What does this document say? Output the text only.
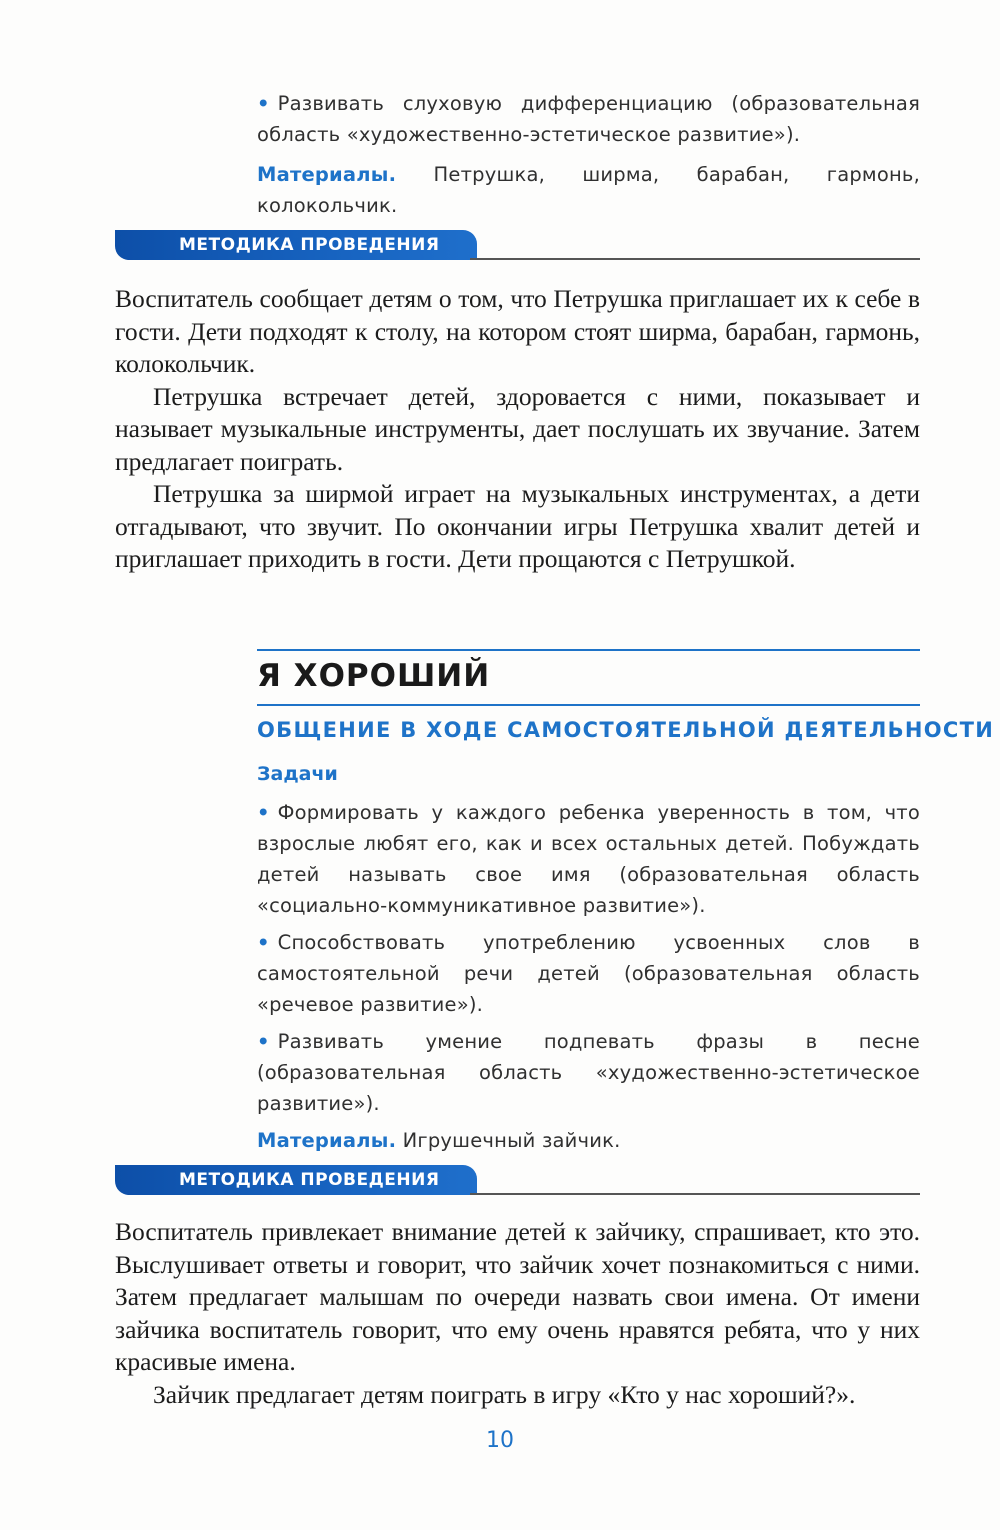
• Развивать слуховую дифференциацию (образовательная область «художественно-эстетическое развитие»).

Материалы. Петрушка, ширма, барабан, гармонь, колокольчик.

МЕТОДИКА ПРОВЕДЕНИЯ

Воспитатель сообщает детям о том, что Петрушка приглашает их к себе в гости. Дети подходят к столу, на котором стоят ширма, барабан, гармонь, колокольчик.

Петрушка встречает детей, здоровается с ними, показывает и называет музыкальные инструменты, дает послушать их звучание. Затем предлагает поиграть.

Петрушка за ширмой играет на музыкальных инструментах, а дети отгадывают, что звучит. По окончании игры Петрушка хвалит детей и приглашает приходить в гости. Дети прощаются с Петрушкой.

Я ХОРОШИЙ
ОБЩЕНИЕ В ХОДЕ САМОСТОЯТЕЛЬНОЙ ДЕЯТЕЛЬНОСТИ
Задачи

• Формировать у каждого ребенка уверенность в том, что взрослые любят его, как и всех остальных детей. Побуждать детей называть свое имя (образовательная область «социально-коммуникативное развитие»).

• Способствовать употреблению усвоенных слов в самостоятельной речи детей (образовательная область «речевое развитие»).

• Развивать умение подпевать фразы в песне (образовательная область «художественно-эстетическое развитие»).

Материалы. Игрушечный зайчик.

МЕТОДИКА ПРОВЕДЕНИЯ

Воспитатель привлекает внимание детей к зайчику, спрашивает, кто это. Выслушивает ответы и говорит, что зайчик хочет познакомиться с ними. Затем предлагает малышам по очереди назвать свои имена. От имени зайчика воспитатель говорит, что ему очень нравятся ребята, что у них красивые имена.

Зайчик предлагает детям поиграть в игру «Кто у нас хороший?».

10
